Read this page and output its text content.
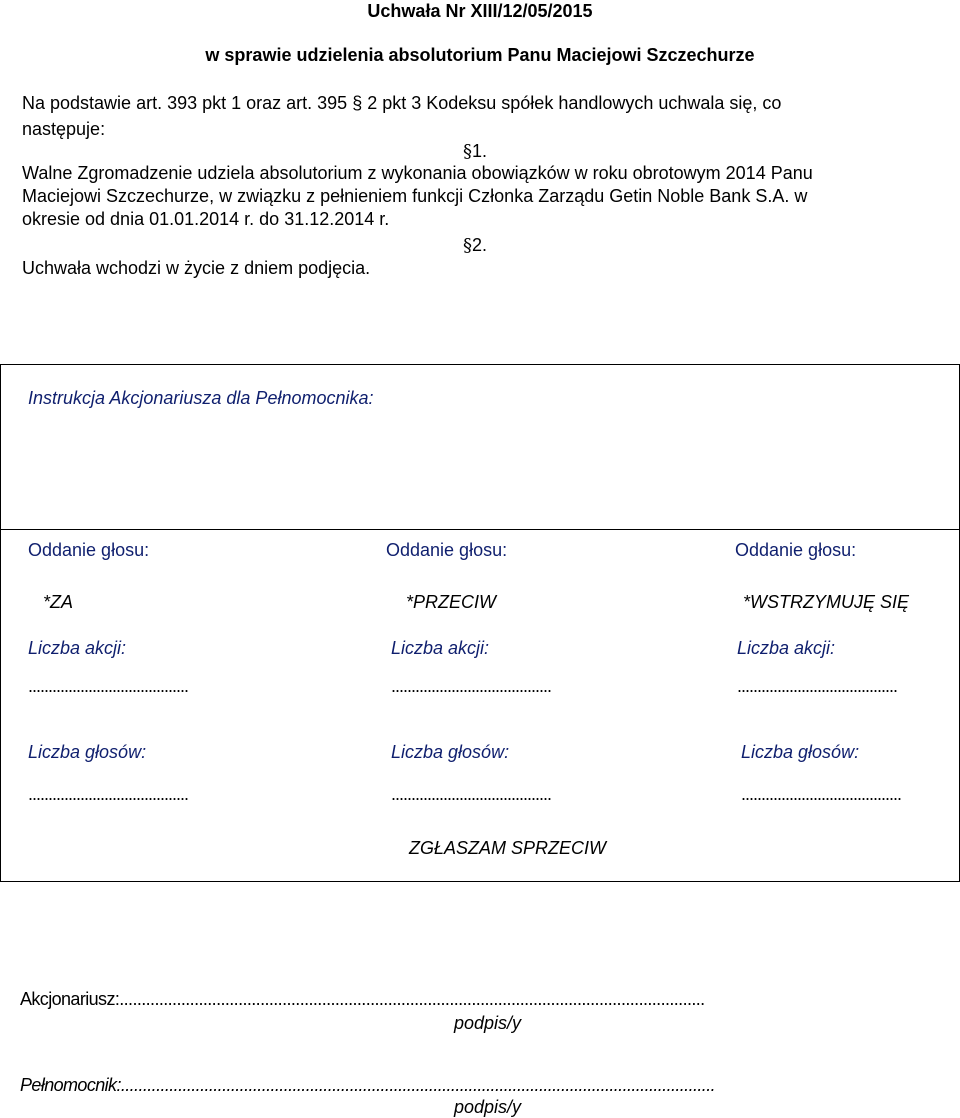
Uchwała Nr XIII/12/05/2015
w sprawie udzielenia absolutorium Panu Maciejowi Szczechurze
Na podstawie art. 393 pkt 1 oraz art. 395 § 2 pkt 3 Kodeksu spółek handlowych uchwala się, co
następuje:
§1.
Walne Zgromadzenie udziela absolutorium z wykonania obowiązków w roku obrotowym 2014 Panu
Maciejowi Szczechurze, w związku z pełnieniem funkcji Członka Zarządu Getin Noble Bank S.A. w
okresie od dnia 01.01.2014 r. do 31.12.2014 r.
§2.
Uchwała wchodzi w życie z dniem podjęcia.
Instrukcja Akcjonariusza dla Pełnomocnika:
Oddanie głosu:
*ZA
Liczba akcji:
........................................
Liczba głosów:
........................................
Oddanie głosu:
*PRZECIW
Liczba akcji:
........................................
Liczba głosów:
........................................
Oddanie głosu:
*WSTRZYMUJĘ SIĘ
Liczba akcji:
........................................
Liczba głosów:
........................................
ZGŁASZAM SPRZECIW
Akcjonariusz:.....................................................................................................................................
podpis/y
Pełnomocnik:.......................................................................................................................................
podpis/y
